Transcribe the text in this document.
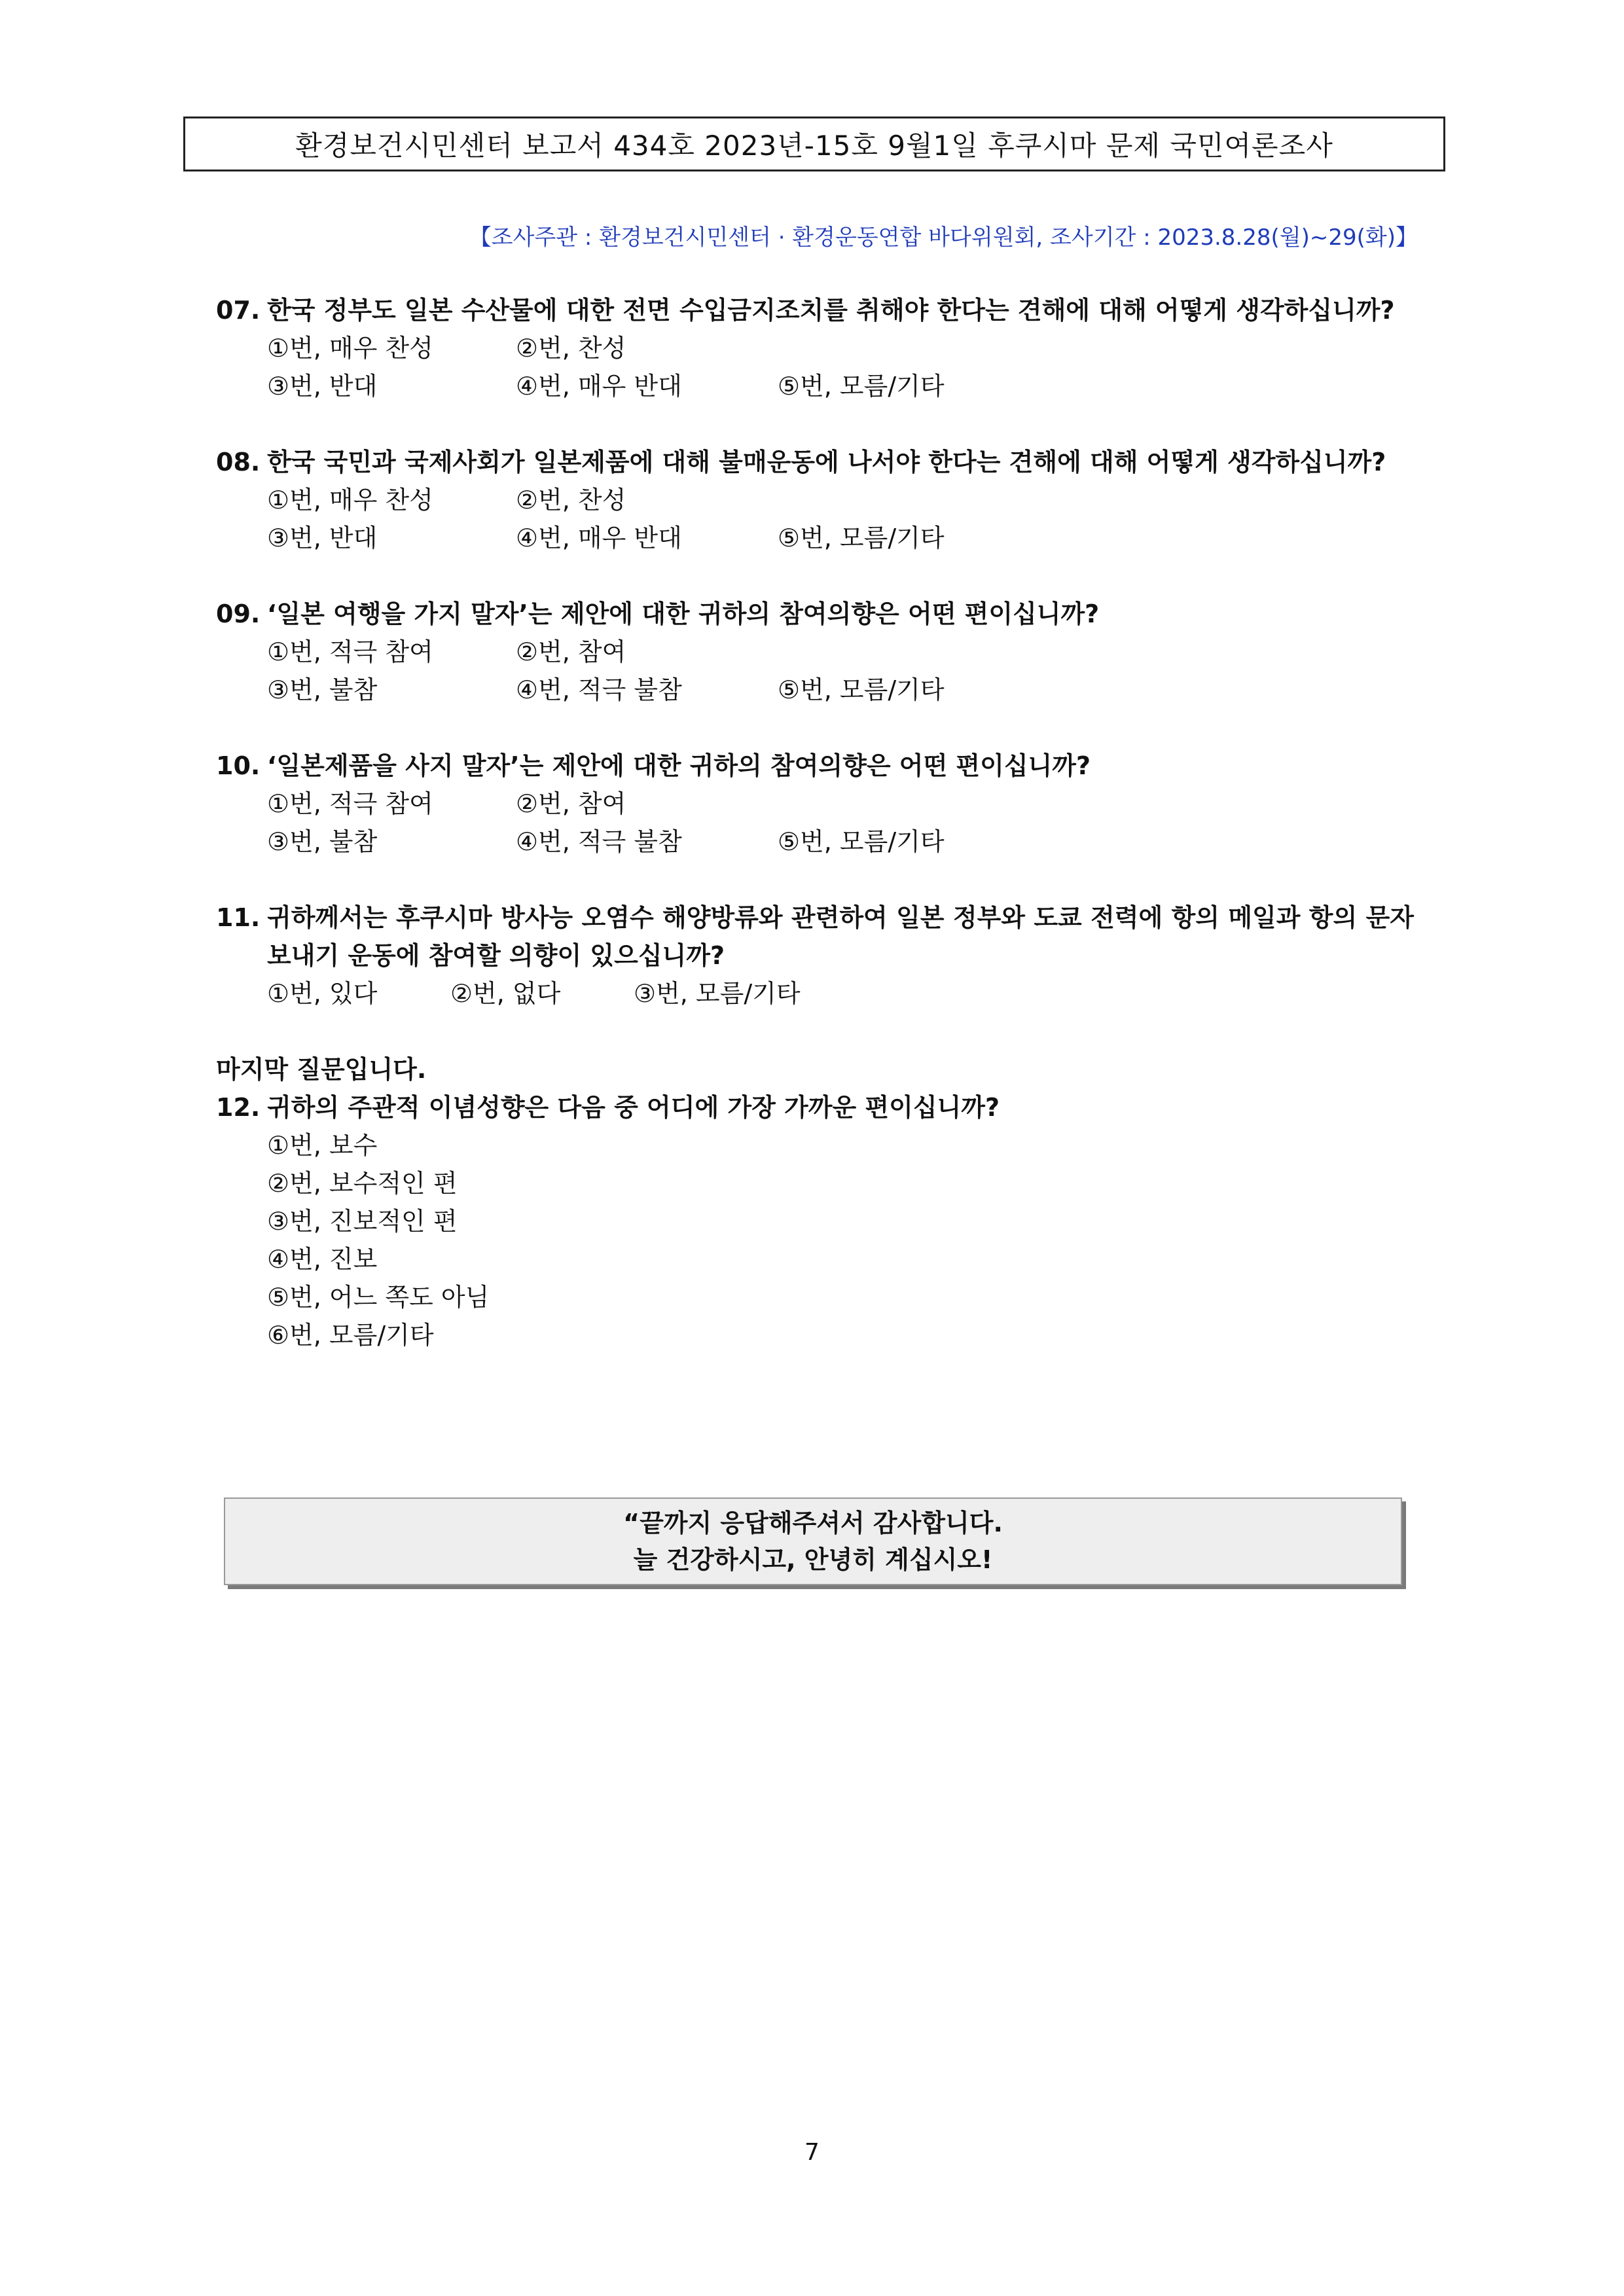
환경보건시민센터 보고서 434호 2023년-15호 9월1일 후쿠시마 문제 국민여론조사
【조사주관 : 환경보건시민센터 · 환경운동연합 바다위원회, 조사기간 : 2023.8.28(월)~29(화)】
07. 한국 정부도 일본 수산물에 대한 전면 수입금지조치를 취해야 한다는 견해에 대해 어떻게 생각하십니까?
①번, 매우 찬성	②번, 찬성
③번, 반대	④번, 매우 반대	⑤번, 모름/기타
08. 한국 국민과 국제사회가 일본제품에 대해 불매운동에 나서야 한다는 견해에 대해 어떻게 생각하십니까?
①번, 매우 찬성	②번, 찬성
③번, 반대	④번, 매우 반대	⑤번, 모름/기타
09. ‘일본 여행을 가지 말자’는 제안에 대한 귀하의 참여의향은 어떤 편이십니까?
①번, 적극 참여	②번, 참여
③번, 불참	④번, 적극 불참	⑤번, 모름/기타
10. ‘일본제품을 사지 말자’는 제안에 대한 귀하의 참여의향은 어떤 편이십니까?
①번, 적극 참여	②번, 참여
③번, 불참	④번, 적극 불참	⑤번, 모름/기타
11. 귀하께서는 후쿠시마 방사능 오염수 해양방류와 관련하여 일본 정부와 도쿄 전력에 항의 메일과 항의 문자 보내기 운동에 참여할 의향이 있으십니까?
①번, 있다	②번, 없다	③번, 모름/기타
마지막 질문입니다.
12. 귀하의 주관적 이념성향은 다음 중 어디에 가장 가까운 편이십니까?
①번, 보수
②번, 보수적인 편
③번, 진보적인 편
④번, 진보
⑤번, 어느 쪽도 아님
⑥번, 모름/기타
“끝까지 응답해주셔서 감사합니다.
늘 건강하시고, 안녕히 계십시오!
7
